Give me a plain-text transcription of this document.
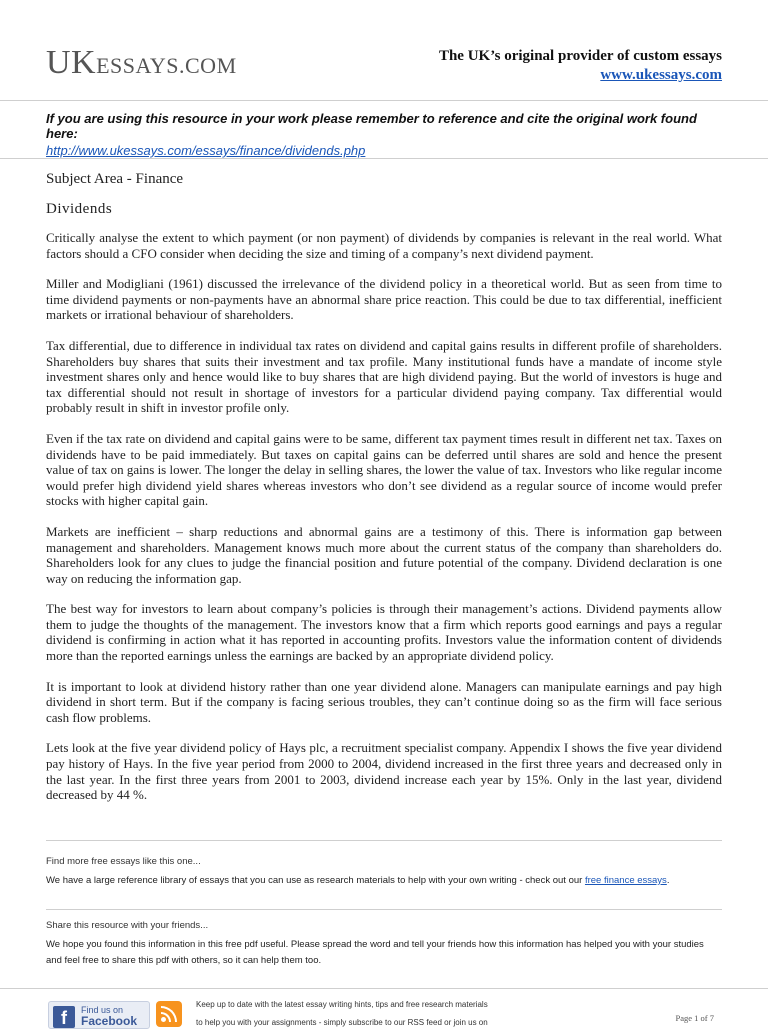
UKESSAYS.COM	The UK’s original provider of custom essays
www.ukessays.com
If you are using this resource in your work please remember to reference and cite the original work found here:
http://www.ukessays.com/essays/finance/dividends.php
Subject Area - Finance
Dividends

Critically analyse the extent to which payment (or non payment) of dividends by companies is relevant in the real world. What factors should a CFO consider when deciding the size and timing of a company’s next dividend payment.

Miller and Modigliani (1961) discussed the irrelevance of the dividend policy in a theoretical world. But as seen from time to time dividend payments or non-payments have an abnormal share price reaction. This could be due to tax differential, inefficient markets or irrational behaviour of shareholders.

Tax differential, due to difference in individual tax rates on dividend and capital gains results in different profile of shareholders. Shareholders buy shares that suits their investment and tax profile. Many institutional funds have a mandate of income style investment shares only and hence would like to buy shares that are high dividend paying. But the world of investors is huge and tax differential should not result in shortage of investors for a particular dividend paying company. Tax differential would probably result in shift in investor profile only.

Even if the tax rate on dividend and capital gains were to be same, different tax payment times result in different net tax. Taxes on dividends have to be paid immediately. But taxes on capital gains can be deferred until shares are sold and hence the present value of tax on gains is lower. The longer the delay in selling shares, the lower the value of tax. Investors who like regular income would prefer high dividend yield shares whereas investors who don’t see dividend as a regular source of income would prefer stocks with higher capital gain.

Markets are inefficient – sharp reductions and abnormal gains are a testimony of this. There is information gap between management and shareholders. Management knows much more about the current status of the company than shareholders do. Shareholders look for any clues to judge the financial position and future potential of the company. Dividend declaration is one way on reducing the information gap.

The best way for investors to learn about company’s policies is through their management’s actions. Dividend payments allow them to judge the thoughts of the management. The investors know that a firm which reports good earnings and pays a regular dividend is confirming in action what it has reported in accounting profits. Investors value the information content of dividends more than the reported earnings unless the earnings are backed by an appropriate dividend policy.

It is important to look at dividend history rather than one year dividend alone. Managers can manipulate earnings and pay high dividend in short term. But if the company is facing serious troubles, they can’t continue doing so as the firm will face serious cash flow problems.

Lets look at the five year dividend policy of Hays plc, a recruitment specialist company. Appendix I shows the five year dividend pay history of Hays. In the five year period from 2000 to 2004, dividend increased in the first three years and decreased only in the last year. In the first three years from 2001 to 2003, dividend increase each year by 15%. Only in the last year, dividend decreased by 44 %.

Find more free essays like this one...
We have a large reference library of essays that you can use as research materials to help with your own writing - check out our free finance essays.
Share this resource with your friends...
We hope you found this information in this free pdf useful. Please spread the word and tell your friends how this information has helped you with your studies and feel free to share this pdf with others, so it can help them too.
f	Find us on
Facebook
Keep up to date with the latest essay writing hints, tips and free research materials
to help you with your assignments - simply subscribe to our RSS feed or join us on	Page 1 of 7
